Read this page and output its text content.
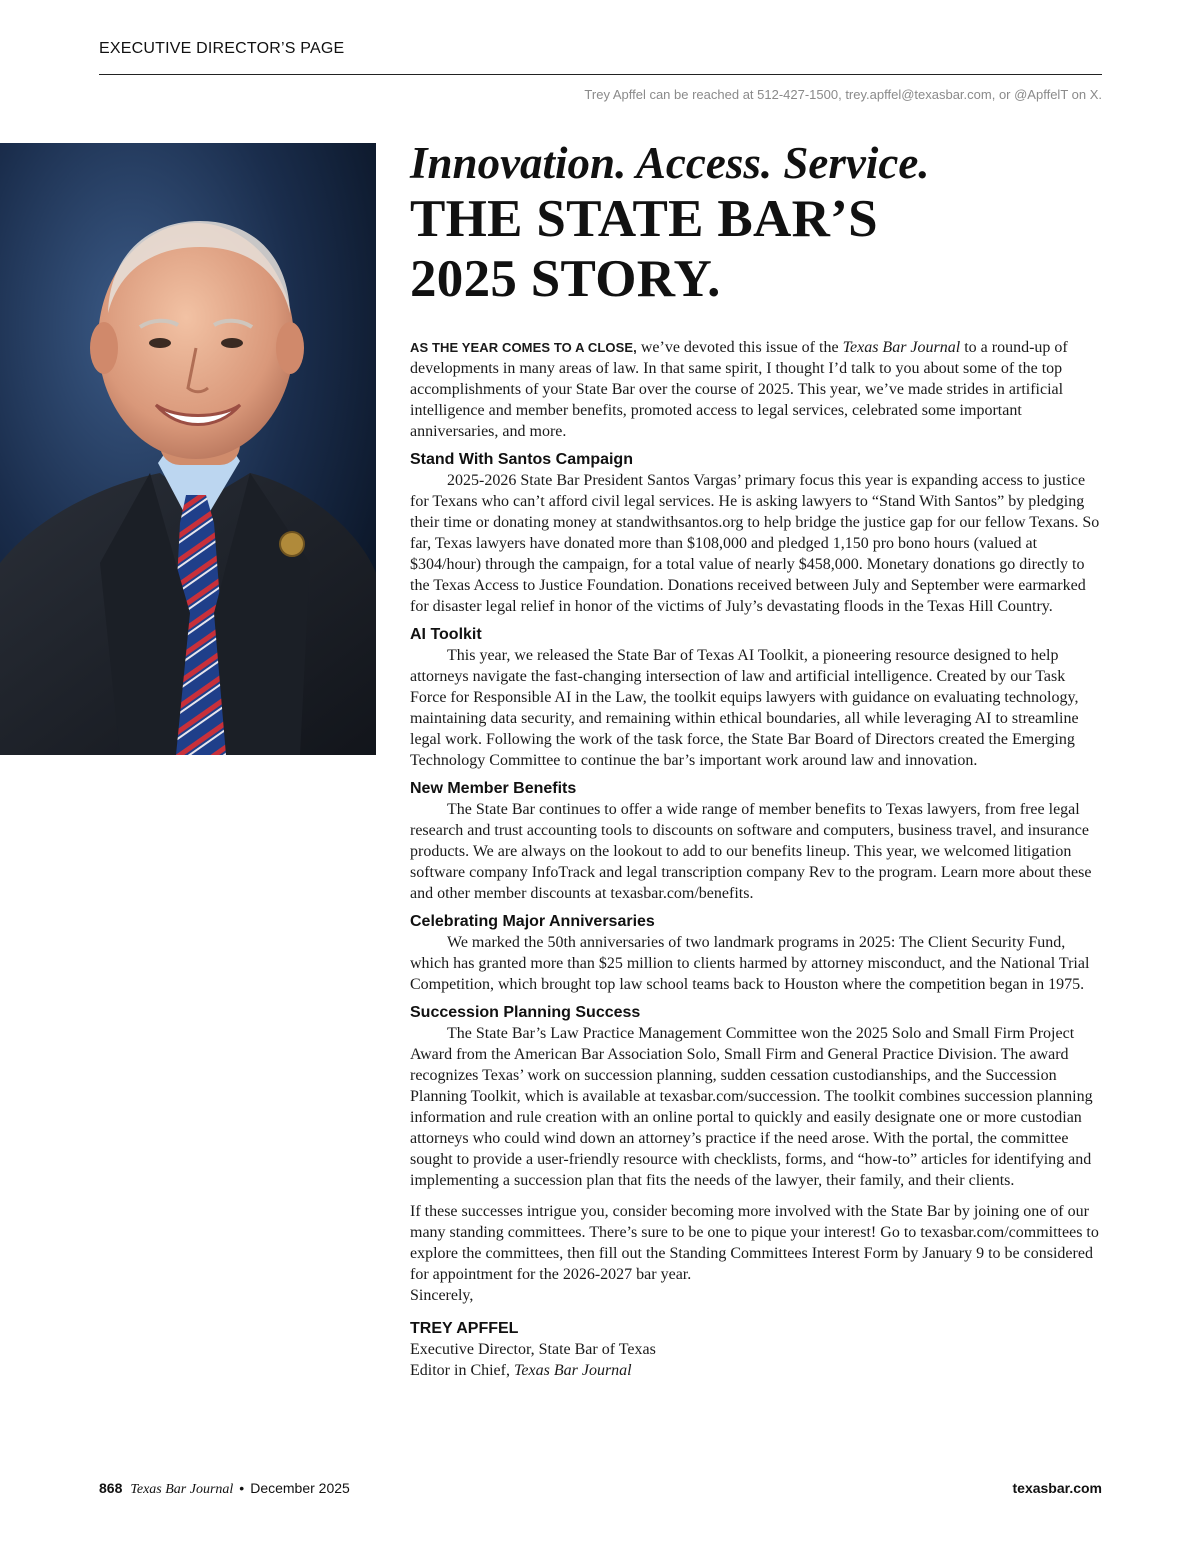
EXECUTIVE DIRECTOR’S PAGE
Trey Apffel can be reached at 512-427-1500, trey.apffel@texasbar.com, or @ApffelT on X.
Innovation. Access. Service.
THE STATE BAR’S
2025 STORY.

AS THE YEAR COMES TO A CLOSE, we’ve devoted this issue of the Texas Bar Journal to a round-up of developments in many areas of law. In that same spirit, I thought I’d talk to you about some of the top accomplishments of your State Bar over the course of 2025. This year, we’ve made strides in artificial intelligence and member benefits, promoted access to legal services, celebrated some important anniversaries, and more.

Stand With Santos Campaign

2025-2026 State Bar President Santos Vargas’ primary focus this year is expanding access to justice for Texans who can’t afford civil legal services. He is asking lawyers to “Stand With Santos” by pledging their time or donating money at standwithsantos.org to help bridge the justice gap for our fellow Texans. So far, Texas lawyers have donated more than $108,000 and pledged 1,150 pro bono hours (valued at $304/hour) through the campaign, for a total value of nearly $458,000. Monetary donations go directly to the Texas Access to Justice Foundation. Donations received between July and September were earmarked for disaster legal relief in honor of the victims of July’s devastating floods in the Texas Hill Country.

AI Toolkit

This year, we released the State Bar of Texas AI Toolkit, a pioneering resource designed to help attorneys navigate the fast-changing intersection of law and artificial intelligence. Created by our Task Force for Responsible AI in the Law, the toolkit equips lawyers with guidance on evaluating technology, maintaining data security, and remaining within ethical boundaries, all while leveraging AI to streamline legal work. Following the work of the task force, the State Bar Board of Directors created the Emerging Technology Committee to continue the bar’s important work around law and innovation.

New Member Benefits

The State Bar continues to offer a wide range of member benefits to Texas lawyers, from free legal research and trust accounting tools to discounts on software and computers, business travel, and insurance products. We are always on the lookout to add to our benefits lineup. This year, we welcomed litigation software company InfoTrack and legal transcription company Rev to the program. Learn more about these and other member discounts at texasbar.com/benefits.

Celebrating Major Anniversaries

We marked the 50th anniversaries of two landmark programs in 2025: The Client Security Fund, which has granted more than $25 million to clients harmed by attorney misconduct, and the National Trial Competition, which brought top law school teams back to Houston where the competition began in 1975.

Succession Planning Success

The State Bar’s Law Practice Management Committee won the 2025 Solo and Small Firm Project Award from the American Bar Association Solo, Small Firm and General Practice Division. The award recognizes Texas’ work on succession planning, sudden cessation custodianships, and the Succession Planning Toolkit, which is available at texasbar.com/succession. The toolkit combines succession planning information and rule creation with an online portal to quickly and easily designate one or more custodian attorneys who could wind down an attorney’s practice if the need arose. With the portal, the committee sought to provide a user-friendly resource with checklists, forms, and “how-to” articles for identifying and implementing a succession plan that fits the needs of the lawyer, their family, and their clients.

If these successes intrigue you, consider becoming more involved with the State Bar by joining one of our many standing committees. There’s sure to be one to pique your interest! Go to texasbar.com/committees to explore the committees, then fill out the Standing Committees Interest Form by January 9 to be considered for appointment for the 2026-2027 bar year.

Sincerely,

TREY APFFEL
Executive Director, State Bar of Texas
Editor in Chief, Texas Bar Journal
868 Texas Bar Journal • December 2025	texasbar.com
